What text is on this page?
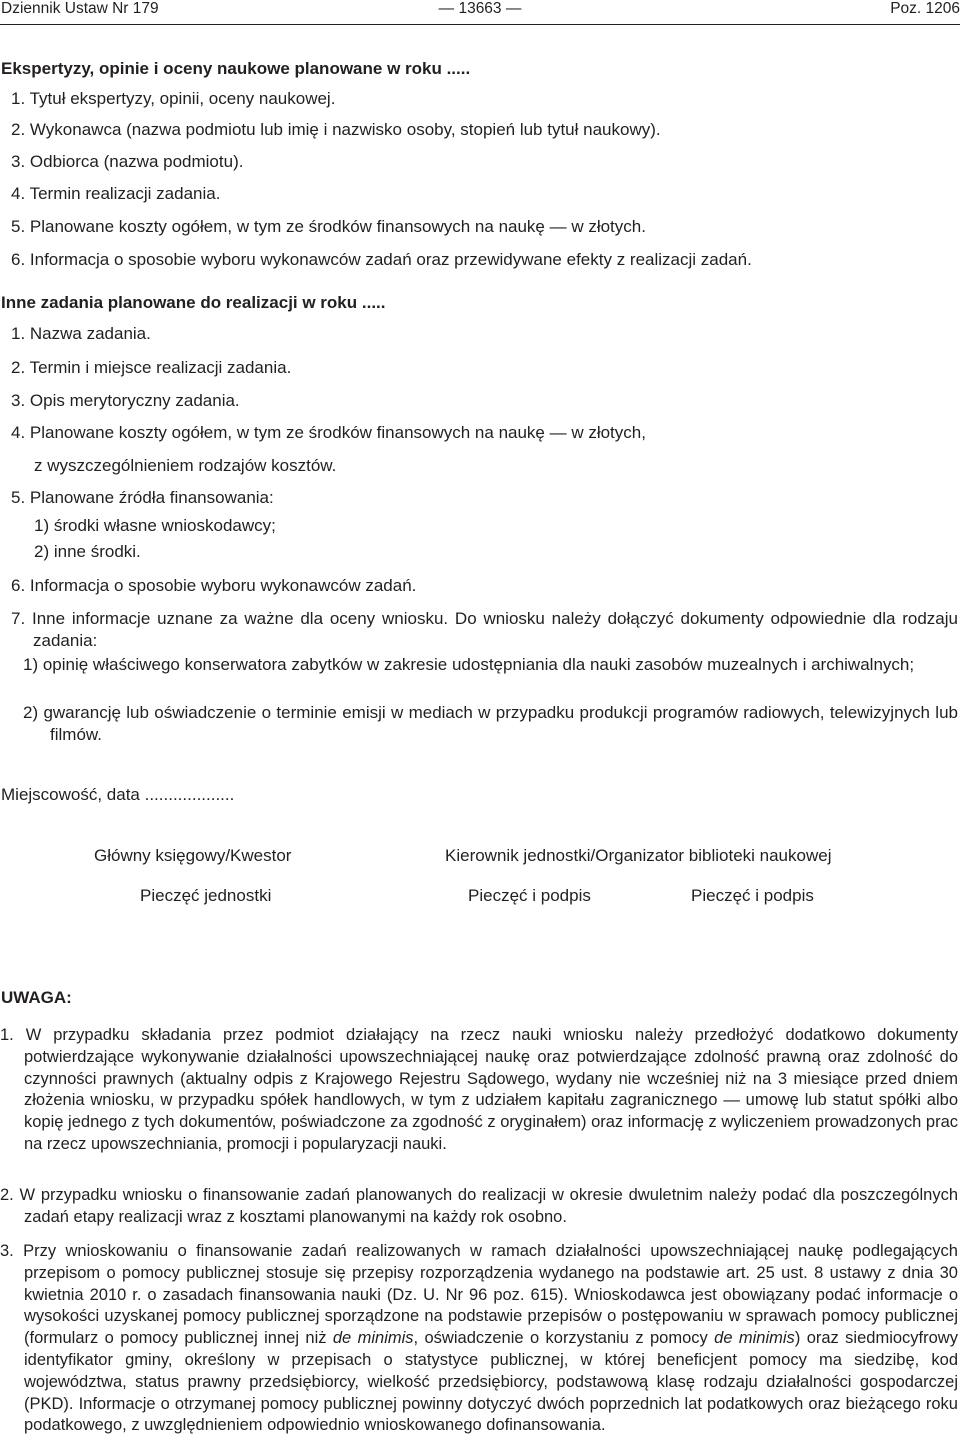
Dziennik Ustaw Nr 179	— 13663 —	Poz. 1206
Ekspertyzy, opinie i oceny naukowe planowane w roku .....
1. Tytuł ekspertyzy, opinii, oceny naukowej.
2. Wykonawca (nazwa podmiotu lub imię i nazwisko osoby, stopień lub tytuł naukowy).
3. Odbiorca (nazwa podmiotu).
4. Termin realizacji zadania.
5. Planowane koszty ogółem, w tym ze środków finansowych na naukę — w złotych.
6. Informacja o sposobie wyboru wykonawców zadań oraz przewidywane efekty z realizacji zadań.
Inne zadania planowane do realizacji w roku .....
1. Nazwa zadania.
2. Termin i miejsce realizacji zadania.
3. Opis merytoryczny zadania.
4. Planowane koszty ogółem, w tym ze środków finansowych na naukę — w złotych,
z wyszczególnieniem rodzajów kosztów.
5. Planowane źródła finansowania:
1) środki własne wnioskodawcy;
2) inne środki.
6. Informacja o sposobie wyboru wykonawców zadań.
7. Inne informacje uznane za ważne dla oceny wniosku. Do wniosku należy dołączyć dokumenty odpowiednie dla rodzaju zadania:
1) opinię właściwego konserwatora zabytków w zakresie udostępniania dla nauki zasobów muzealnych i archiwalnych;
2) gwarancję lub oświadczenie o terminie emisji w mediach w przypadku produkcji programów radiowych, telewizyjnych lub filmów.
Miejscowość, data ...................
Główny księgowy/Kwestor	Kierownik jednostki/Organizator biblioteki naukowej
Pieczęć jednostki	Pieczęć i podpis	Pieczęć i podpis
UWAGA:
1. W przypadku składania przez podmiot działający na rzecz nauki wniosku należy przedłożyć dodatkowo dokumenty potwierdzające wykonywanie działalności upowszechniającej naukę oraz potwierdzające zdolność prawną oraz zdolność do czynności prawnych (aktualny odpis z Krajowego Rejestru Sądowego, wydany nie wcześniej niż na 3 miesiące przed dniem złożenia wniosku, w przypadku spółek handlowych, w tym z udziałem kapitału zagranicznego — umowę lub statut spółki albo kopię jednego z tych dokumentów, poświadczone za zgodność z oryginałem) oraz informację z wyliczeniem prowadzonych prac na rzecz upowszechniania, promocji i popularyzacji nauki.
2. W przypadku wniosku o finansowanie zadań planowanych do realizacji w okresie dwuletnim należy podać dla poszczególnych zadań etapy realizacji wraz z kosztami planowanymi na każdy rok osobno.
3. Przy wnioskowaniu o finansowanie zadań realizowanych w ramach działalności upowszechniającej naukę podlegających przepisom o pomocy publicznej stosuje się przepisy rozporządzenia wydanego na podstawie art. 25 ust. 8 ustawy z dnia 30 kwietnia 2010 r. o zasadach finansowania nauki (Dz. U. Nr 96 poz. 615). Wnioskodawca jest obowiązany podać informacje o wysokości uzyskanej pomocy publicznej sporządzone na podstawie przepisów o postępowaniu w sprawach pomocy publicznej (formularz o pomocy publicznej innej niż de minimis, oświadczenie o korzystaniu z pomocy de minimis) oraz siedmiocyfrowy identyfikator gminy, określony w przepisach o statystyce publicznej, w której beneficjent pomocy ma siedzibę, kod województwa, status prawny przedsiębiorcy, wielkość przedsiębiorcy, podstawową klasę rodzaju działalności gospodarczej (PKD). Informacje o otrzymanej pomocy publicznej powinny dotyczyć dwóch poprzednich lat podatkowych oraz bieżącego roku podatkowego, z uwzględnieniem odpowiednio wnioskowanego dofinansowania.
